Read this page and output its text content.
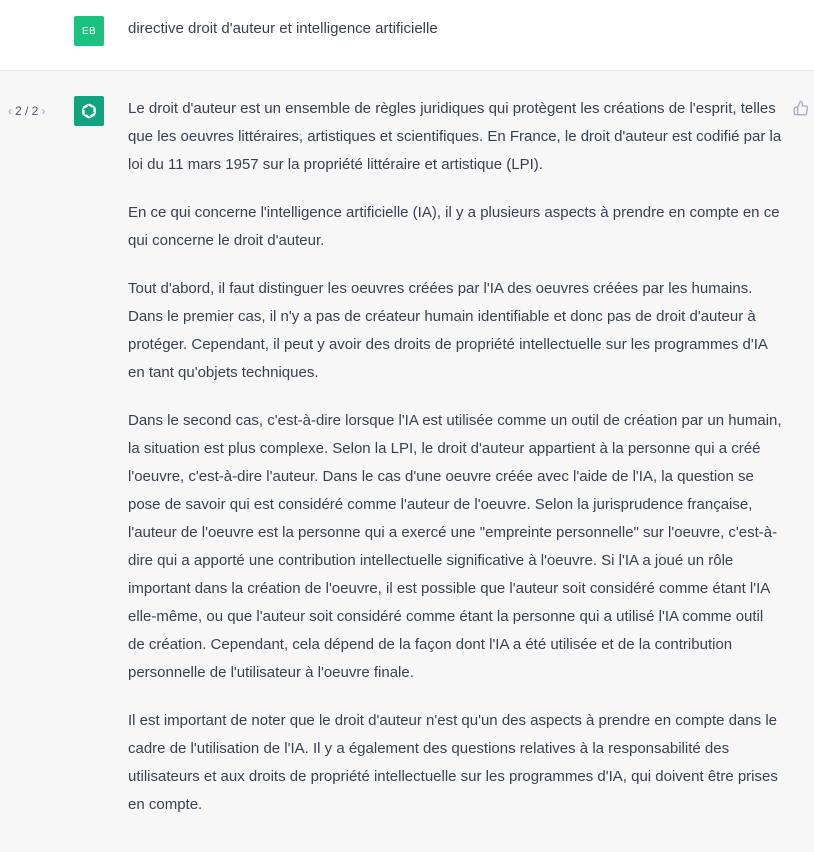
EB	directive droit d'auteur et intelligence artificielle
‹ 2 / 2 ›	Le droit d'auteur est un ensemble de règles juridiques qui protègent les créations de l'esprit, telles que les oeuvres littéraires, artistiques et scientifiques. En France, le droit d'auteur est codifié par la loi du 11 mars 1957 sur la propriété littéraire et artistique (LPI).

En ce qui concerne l'intelligence artificielle (IA), il y a plusieurs aspects à prendre en compte en ce qui concerne le droit d'auteur.

Tout d'abord, il faut distinguer les oeuvres créées par l'IA des oeuvres créées par les humains. Dans le premier cas, il n'y a pas de créateur humain identifiable et donc pas de droit d'auteur à protéger. Cependant, il peut y avoir des droits de propriété intellectuelle sur les programmes d'IA en tant qu'objets techniques.

Dans le second cas, c'est-à-dire lorsque l'IA est utilisée comme un outil de création par un humain, la situation est plus complexe. Selon la LPI, le droit d'auteur appartient à la personne qui a créé l'oeuvre, c'est-à-dire l'auteur. Dans le cas d'une oeuvre créée avec l'aide de l'IA, la question se pose de savoir qui est considéré comme l'auteur de l'oeuvre. Selon la jurisprudence française, l'auteur de l'oeuvre est la personne qui a exercé une "empreinte personnelle" sur l'oeuvre, c'est-à-dire qui a apporté une contribution intellectuelle significative à l'oeuvre. Si l'IA a joué un rôle important dans la création de l'oeuvre, il est possible que l'auteur soit considéré comme étant l'IA elle-même, ou que l'auteur soit considéré comme étant la personne qui a utilisé l'IA comme outil de création. Cependant, cela dépend de la façon dont l'IA a été utilisée et de la contribution personnelle de l'utilisateur à l'oeuvre finale.

Il est important de noter que le droit d'auteur n'est qu'un des aspects à prendre en compte dans le cadre de l'utilisation de l'IA. Il y a également des questions relatives à la responsabilité des utilisateurs et aux droits de propriété intellectuelle sur les programmes d'IA, qui doivent être prises en compte.
